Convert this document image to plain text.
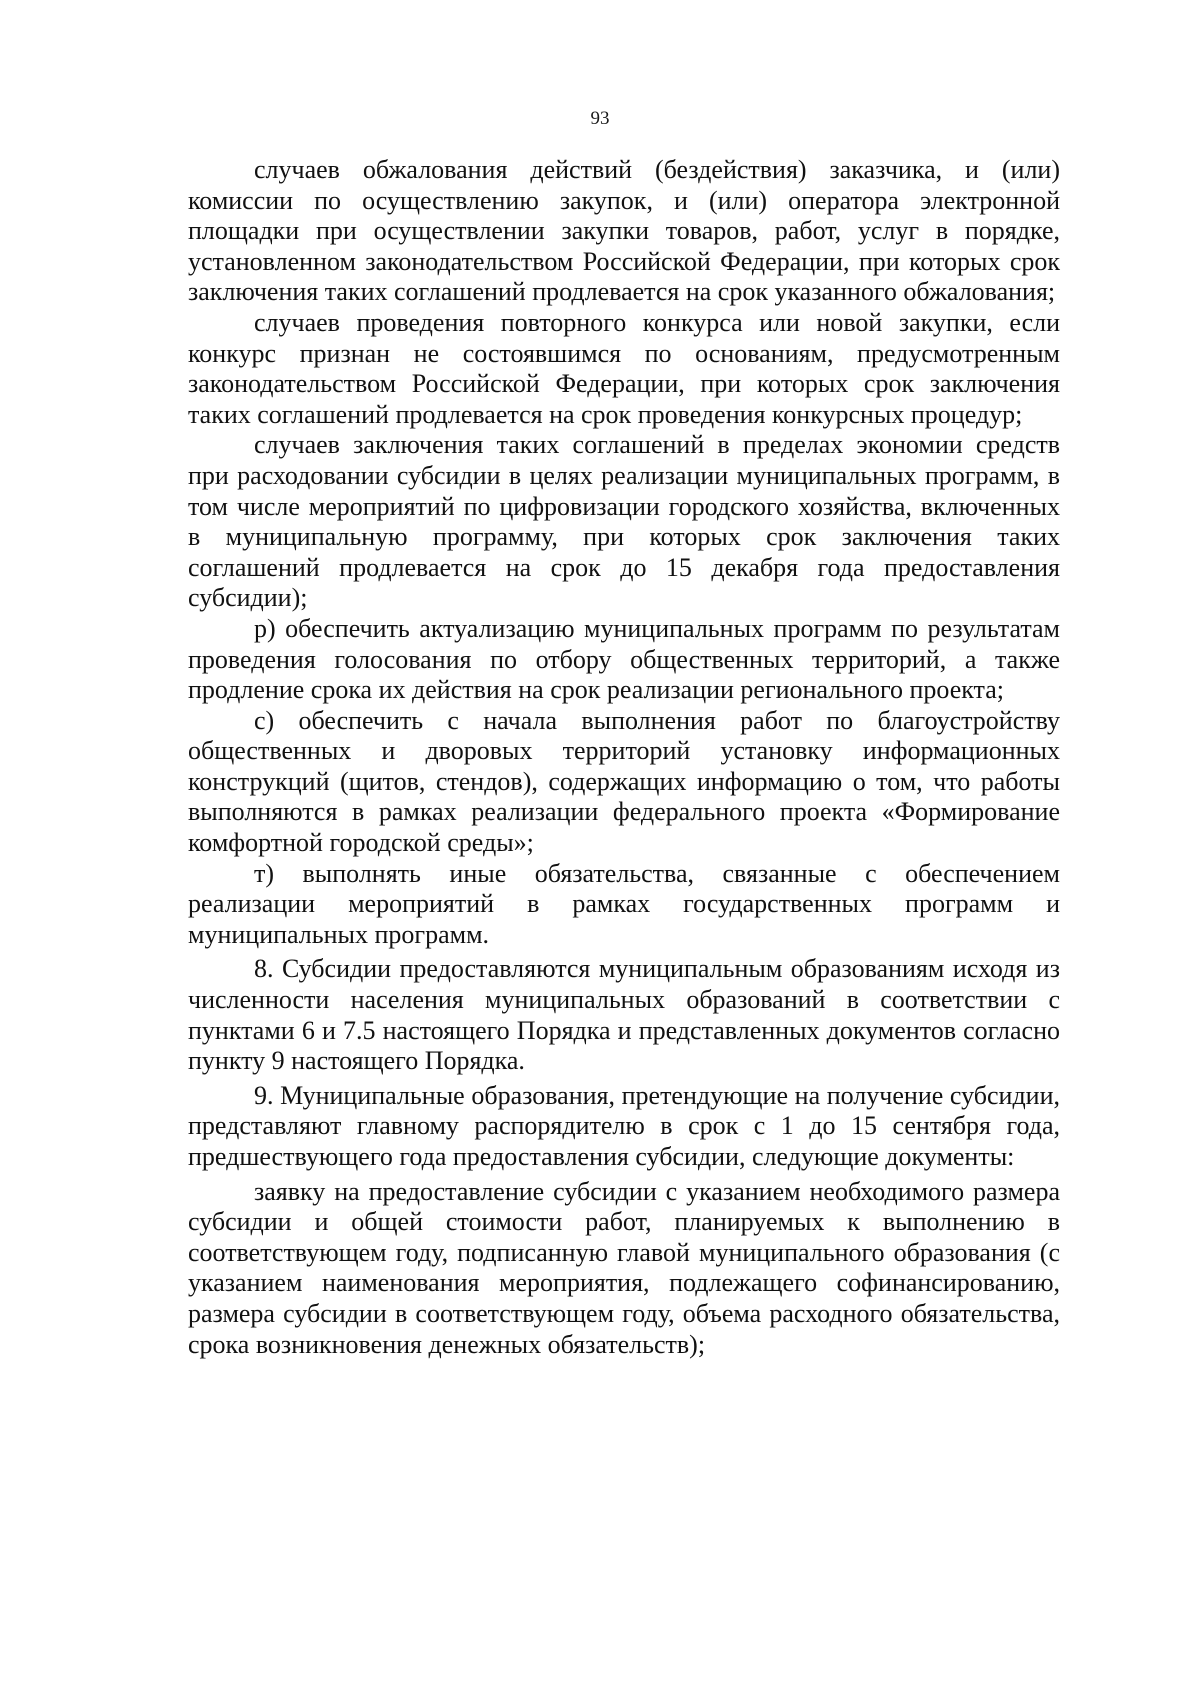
93

случаев обжалования действий (бездействия) заказчика, и (или) комиссии по осуществлению закупок, и (или) оператора электронной площадки при осуществлении закупки товаров, работ, услуг в порядке, установленном законодательством Российской Федерации, при которых срок заключения таких соглашений продлевается на срок указанного обжалования;

случаев проведения повторного конкурса или новой закупки, если конкурс признан не состоявшимся по основаниям, предусмотренным законодательством Российской Федерации, при которых срок заключения таких соглашений продлевается на срок проведения конкурсных процедур;

случаев заключения таких соглашений в пределах экономии средств при расходовании субсидии в целях реализации муниципальных программ, в том числе мероприятий по цифровизации городского хозяйства, включенных в муниципальную программу, при которых срок заключения таких соглашений продлевается на срок до 15 декабря года предоставления субсидии);

р) обеспечить актуализацию муниципальных программ по результатам проведения голосования по отбору общественных территорий, а также продление срока их действия на срок реализации регионального проекта;

с) обеспечить с начала выполнения работ по благоустройству общественных и дворовых территорий установку информационных конструкций (щитов, стендов), содержащих информацию о том, что работы выполняются в рамках реализации федерального проекта «Формирование комфортной городской среды»;

т) выполнять иные обязательства, связанные с обеспечением реализации мероприятий в рамках государственных программ и муниципальных программ.

8. Субсидии предоставляются муниципальным образованиям исходя из численности населения муниципальных образований в соответствии с пунктами 6 и 7.5 настоящего Порядка и представленных документов согласно пункту 9 настоящего Порядка.

9. Муниципальные образования, претендующие на получение субсидии, представляют главному распорядителю в срок с 1 до 15 сентября года, предшествующего года предоставления субсидии, следующие документы:

заявку на предоставление субсидии с указанием необходимого размера субсидии и общей стоимости работ, планируемых к выполнению в соответствующем году, подписанную главой муниципального образования (с указанием наименования мероприятия, подлежащего софинансированию, размера субсидии в соответствующем году, объема расходного обязательства, срока возникновения денежных обязательств);
